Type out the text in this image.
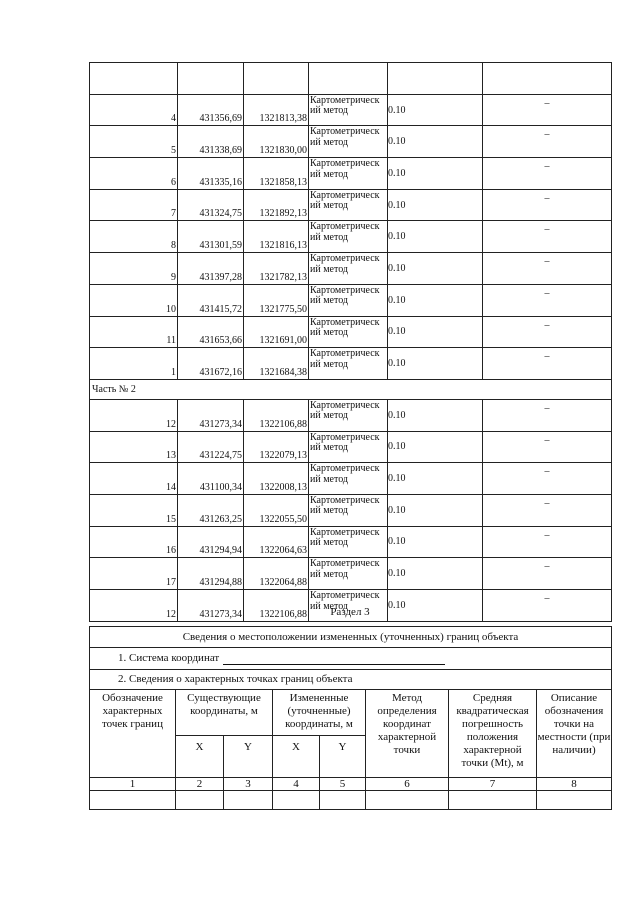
4	431356,69	1321813,38	Картометрическ ий метод	0.10	–
5	431338,69	1321830,00	Картометрическ ий метод	0.10	–
6	431335,16	1321858,13	Картометрическ ий метод	0.10	–
7	431324,75	1321892,13	Картометрическ ий метод	0.10	–
8	431301,59	1321816,13	Картометрическ ий метод	0.10	–
9	431397,28	1321782,13	Картометрическ ий метод	0.10	–
10	431415,72	1321775,50	Картометрическ ий метод	0.10	–
11	431653,66	1321691,00	Картометрическ ий метод	0.10	–
1	431672,16	1321684,38	Картометрическ ий метод	0.10	–
Часть № 2					
12	431273,34	1322106,88	Картометрическ ий метод	0.10	–
13	431224,75	1322079,13	Картометрическ ий метод	0.10	–
14	431100,34	1322008,13	Картометрическ ий метод	0.10	–
15	431263,25	1322055,50	Картометрическ ий метод	0.10	–
16	431294,94	1322064,63	Картометрическ ий метод	0.10	–
17	431294,88	1322064,88	Картометрическ ий метод	0.10	–
12	431273,34	1322106,88	Картометрическ ий метод	0.10	–
Раздел 3
Сведения о местоположении измененных (уточненных) границ объекта							
1. Система координат							
2. Сведения о характерных точках границ объекта							
Обозначение характерных точек границ	Существующие координаты, м		Измененные (уточненные) координаты, м		Метод определения координат характерной точки	Средняя квадратическая погрешность положения характерной точки (Мt), м	Описание обозначения точки на местности (при наличии)
	X	Y	X	Y			
1	2	3	4	5	6	7	8
